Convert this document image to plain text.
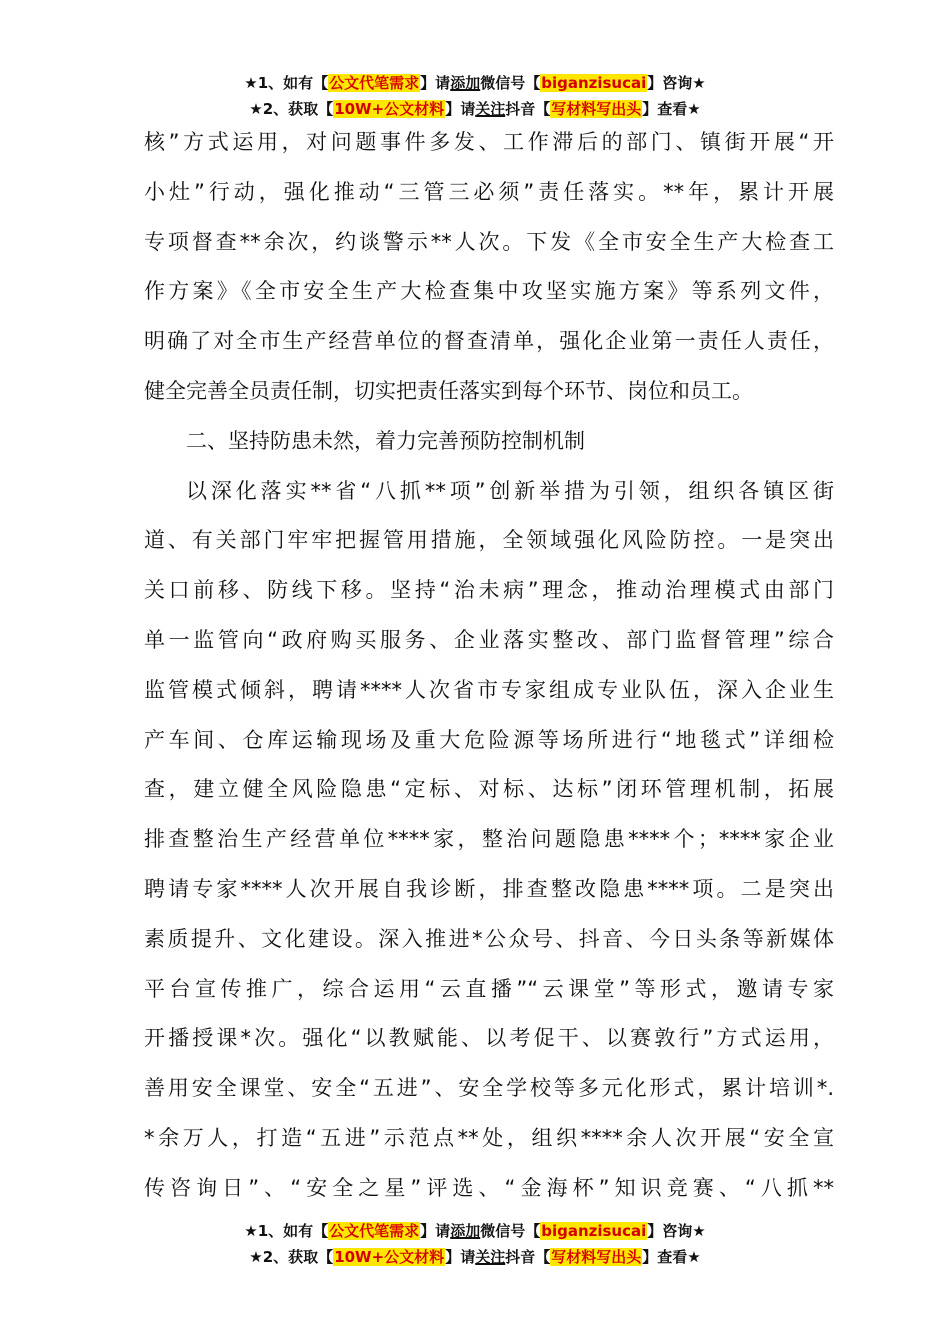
★1、如有【公文代笔需求】请添加微信号【biganzisucai】咨询★
★2、获取【10W+公文材料】请关注抖音【写材料写出头】查看★

核”方式运用，对问题事件多发、工作滞后的部门、镇街开展“开

小灶”行动，强化推动“三管三必须”责任落实。**年，累计开展

专项督查**余次，约谈警示**人次。下发《全市安全生产大检查工

作方案》《全市安全生产大检查集中攻坚实施方案》等系列文件，

明确了对全市生产经营单位的督查清单，强化企业第一责任人责任，

健全完善全员责任制，切实把责任落实到每个环节、岗位和员工。

二、坚持防患未然，着力完善预防控制机制

以深化落实**省“八抓**项”创新举措为引领，组织各镇区街

道、有关部门牢牢把握管用措施，全领域强化风险防控。一是突出

关口前移、防线下移。坚持“治未病”理念，推动治理模式由部门

单一监管向“政府购买服务、企业落实整改、部门监督管理”综合

监管模式倾斜，聘请****人次省市专家组成专业队伍，深入企业生

产车间、仓库运输现场及重大危险源等场所进行“地毯式”详细检

查，建立健全风险隐患“定标、对标、达标”闭环管理机制，拓展

排查整治生产经营单位****家，整治问题隐患****个；****家企业

聘请专家****人次开展自我诊断，排查整改隐患****项。二是突出

素质提升、文化建设。深入推进*公众号、抖音、今日头条等新媒体

平台宣传推广，综合运用“云直播”“云课堂”等形式，邀请专家

开播授课*次。强化“以教赋能、以考促干、以赛敦行”方式运用，

善用安全课堂、安全“五进”、安全学校等多元化形式，累计培训*.

*余万人，打造“五进”示范点**处，组织****余人次开展“安全宣

传咨询日”、“安全之星”评选、“金海杯”知识竞赛、“八抓**

★1、如有【公文代笔需求】请添加微信号【biganzisucai】咨询★
★2、获取【10W+公文材料】请关注抖音【写材料写出头】查看★
